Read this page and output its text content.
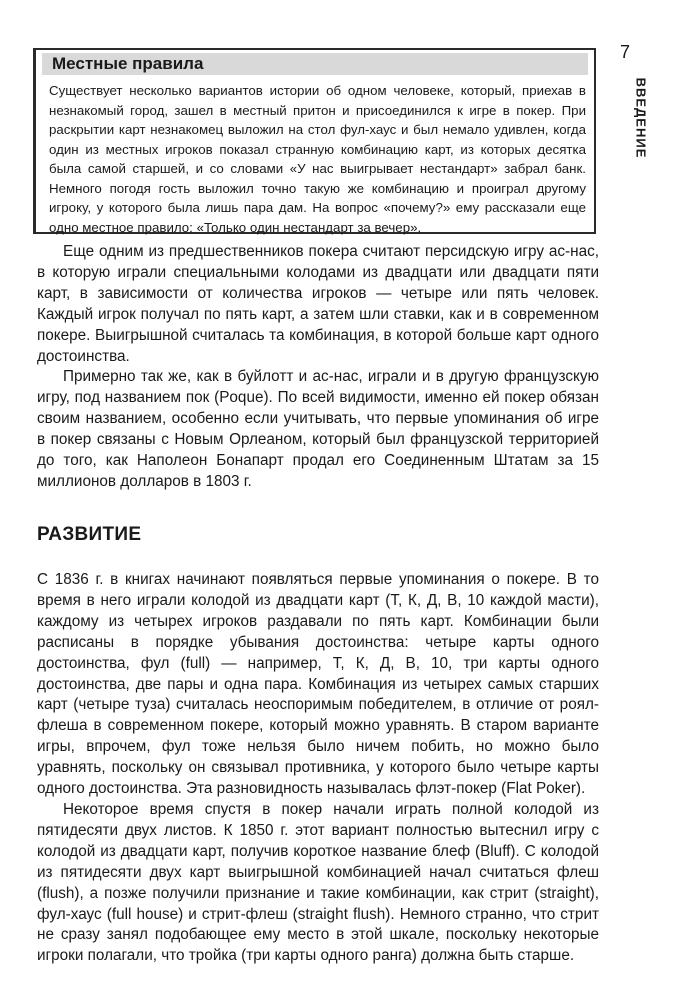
7
ВВЕДЕНИЕ
Местные правила
Существует несколько вариантов истории об одном человеке, который, приехав в незнакомый город, зашел в местный притон и присоединился к игре в покер. При раскрытии карт незнакомец выложил на стол фул-хаус и был немало удивлен, когда один из местных игроков показал странную комбинацию карт, из которых десятка была самой старшей, и со словами «У нас выигрывает нестандарт» забрал банк. Немного погодя гость выложил точно такую же комбинацию и проиграл другому игроку, у которого была лишь пара дам. На вопрос «почему?» ему рассказали еще одно местное правило: «Только один нестандарт за вечер».

Еще одним из предшественников покера считают персидскую игру ас-нас, в которую играли специальными колодами из двадцати или двадцати пяти карт, в зависимости от количества игроков — четыре или пять человек. Каждый игрок получал по пять карт, а затем шли ставки, как и в современном покере. Выигрышной считалась та комбинация, в которой больше карт одного достоинства.

Примерно так же, как в буйлотт и ас-нас, играли и в другую французскую игру, под названием пок (Poque). По всей видимости, именно ей покер обязан своим названием, особенно если учитывать, что первые упоминания об игре в покер связаны с Новым Орлеаном, который был французской территорией до того, как Наполеон Бонапарт продал его Соединенным Штатам за 15 миллионов долларов в 1803 г.

РАЗВИТИЕ

С 1836 г. в книгах начинают появляться первые упоминания о покере. В то время в него играли колодой из двадцати карт (Т, К, Д, В, 10 каждой масти), каждому из четырех игроков раздавали по пять карт. Комбинации были расписаны в порядке убывания достоинства: четыре карты одного достоинства, фул (full) — например, Т, К, Д, В, 10, три карты одного достоинства, две пары и одна пара. Комбинация из четырех самых старших карт (четыре туза) считалась неоспоримым победителем, в отличие от роял-флеша в современном покере, который можно уравнять. В старом варианте игры, впрочем, фул тоже нельзя было ничем побить, но можно было уравнять, поскольку он связывал противника, у которого было четыре карты одного достоинства. Эта разновидность называлась флэт-покер (Flat Poker).

Некоторое время спустя в покер начали играть полной колодой из пятидесяти двух листов. К 1850 г. этот вариант полностью вытеснил игру с колодой из двадцати карт, получив короткое название блеф (Bluff). С колодой из пятидесяти двух карт выигрышной комбинацией начал считаться флеш (flush), а позже получили признание и такие комбинации, как стрит (straight), фул-хаус (full house) и стрит-флеш (straight flush). Немного странно, что стрит не сразу занял подобающее ему место в этой шкале, поскольку некоторые игроки полагали, что тройка (три карты одного ранга) должна быть старше.
